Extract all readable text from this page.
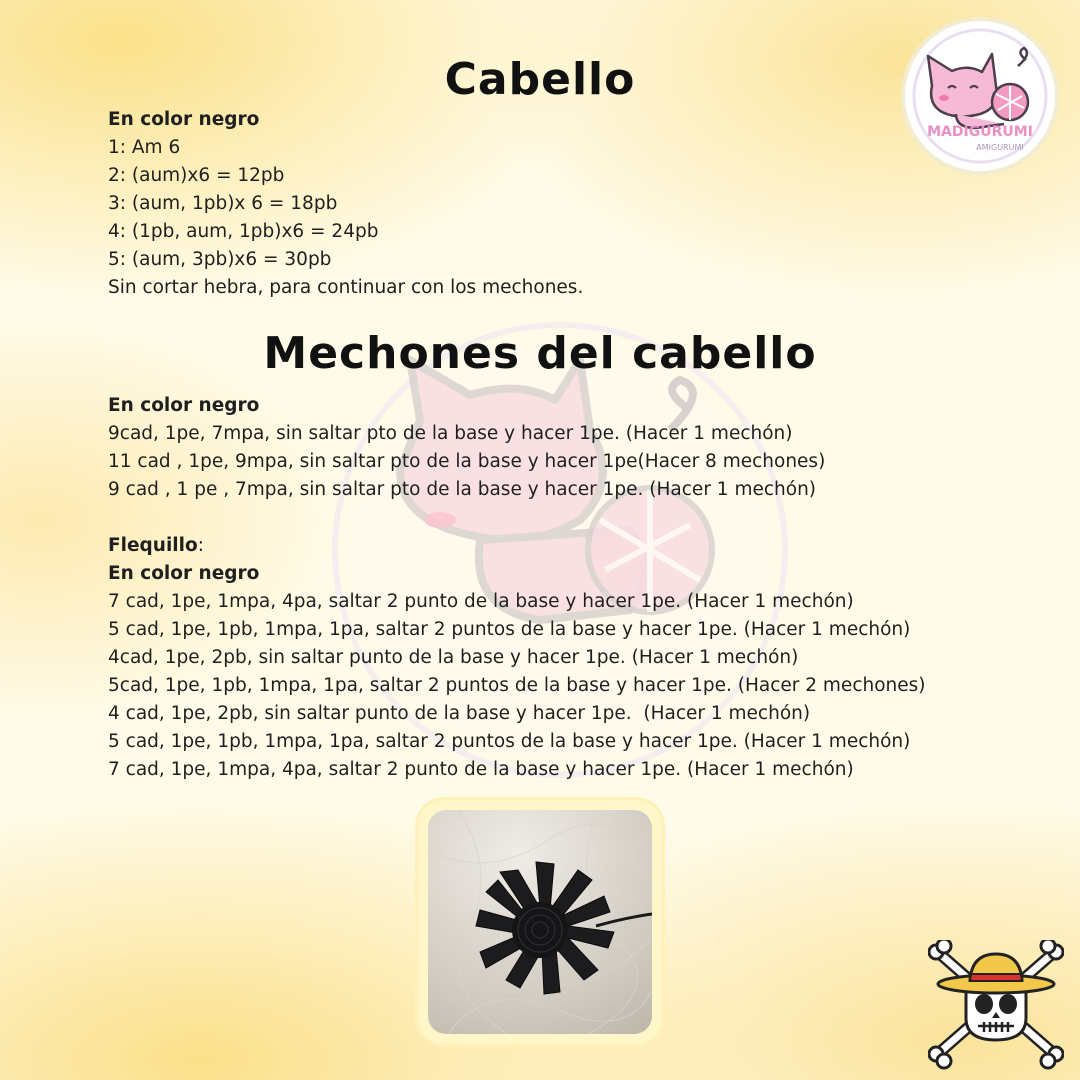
MADIGURUMI
AMIGURUMI
Cabello
En color negro
1: Am 6
2: (aum)x6 = 12pb
3: (aum, 1pb)x 6 = 18pb
4: (1pb, aum, 1pb)x6 = 24pb
5: (aum, 3pb)x6 = 30pb
Sin cortar hebra, para continuar con los mechones.
Mechones del cabello
En color negro
9cad, 1pe, 7mpa, sin saltar pto de la base y hacer 1pe. (Hacer 1 mechón)
11 cad , 1pe, 9mpa, sin saltar pto de la base y hacer 1pe(Hacer 8 mechones)
9 cad , 1 pe , 7mpa, sin saltar pto de la base y hacer 1pe. (Hacer 1 mechón)
Flequillo:
En color negro
7 cad, 1pe, 1mpa, 4pa, saltar 2 punto de la base y hacer 1pe. (Hacer 1 mechón)
5 cad, 1pe, 1pb, 1mpa, 1pa, saltar 2 puntos de la base y hacer 1pe. (Hacer 1 mechón)
4cad, 1pe, 2pb, sin saltar punto de la base y hacer 1pe. (Hacer 1 mechón)
5cad, 1pe, 1pb, 1mpa, 1pa, saltar 2 puntos de la base y hacer 1pe. (Hacer 2 mechones)
4 cad, 1pe, 2pb, sin saltar punto de la base y hacer 1pe.  (Hacer 1 mechón)
5 cad, 1pe, 1pb, 1mpa, 1pa, saltar 2 puntos de la base y hacer 1pe. (Hacer 1 mechón)
7 cad, 1pe, 1mpa, 4pa, saltar 2 punto de la base y hacer 1pe. (Hacer 1 mechón)
